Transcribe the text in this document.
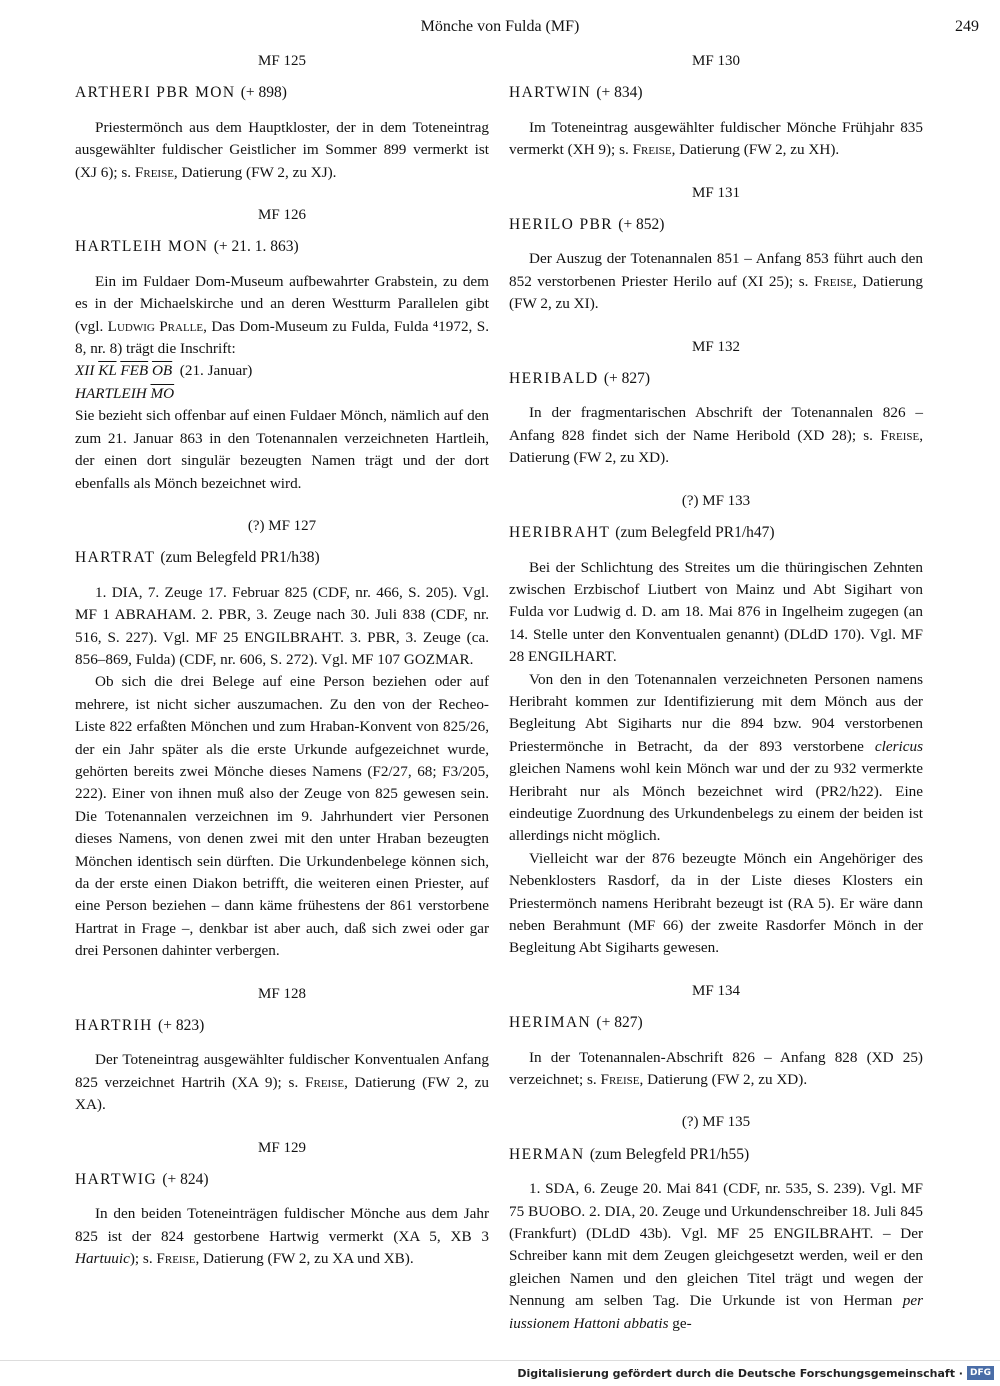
Mönche von Fulda (MF)	249
MF 125
ARTHERI PBR MON (+ 898)

Priestermönch aus dem Hauptkloster, der in dem Toteneintrag ausgewählter fuldischer Geistlicher im Sommer 899 vermerkt ist (XJ 6); s. Freise, Datierung (FW 2, zu XJ).

MF 126
HARTLEIH MON (+ 21. 1. 863)

Ein im Fuldaer Dom-Museum aufbewahrter Grabstein, zu dem es in der Michaelskirche und an deren Westturm Parallelen gibt (vgl. Ludwig Pralle, Das Dom-Museum zu Fulda, Fulda ⁴1972, S. 8, nr. 8) trägt die Inschrift:

XII $\overline{KL}$ $\overline{FEB}$ $\overline{OB}$  (21. Januar)
HARTLEIH $\overline{MO}$

Sie bezieht sich offenbar auf einen Fuldaer Mönch, nämlich auf den zum 21. Januar 863 in den Totenannalen verzeichneten Hartleih, der einen dort singulär bezeugten Namen trägt und der dort ebenfalls als Mönch bezeichnet wird.

(?) MF 127
HARTRAT (zum Belegfeld PR1/h38)

1. DIA, 7. Zeuge 17. Februar 825 (CDF, nr. 466, S. 205). Vgl. MF 1 ABRAHAM. 2. PBR, 3. Zeuge nach 30. Juli 838 (CDF, nr. 516, S. 227). Vgl. MF 25 ENGILBRAHT. 3. PBR, 3. Zeuge (ca. 856–869, Fulda) (CDF, nr. 606, S. 272). Vgl. MF 107 GOZMAR.

Ob sich die drei Belege auf eine Person beziehen oder auf mehrere, ist nicht sicher auszumachen. Zu den von der Recheo-Liste 822 erfaßten Mönchen und zum Hraban-Konvent von 825/26, der ein Jahr später als die erste Urkunde aufgezeichnet wurde, gehörten bereits zwei Mönche dieses Namens (F2/27, 68; F3/205, 222). Einer von ihnen muß also der Zeuge von 825 gewesen sein. Die Totenannalen verzeichnen im 9. Jahrhundert vier Personen dieses Namens, von denen zwei mit den unter Hraban bezeugten Mönchen identisch sein dürften. Die Urkundenbelege können sich, da der erste einen Diakon betrifft, die weiteren einen Priester, auf eine Person beziehen – dann käme frühestens der 861 verstorbene Hartrat in Frage –, denkbar ist aber auch, daß sich zwei oder gar drei Personen dahinter verbergen.

MF 128
HARTRIH (+ 823)

Der Toteneintrag ausgewählter fuldischer Konventualen Anfang 825 verzeichnet Hartrih (XA 9); s. Freise, Datierung (FW 2, zu XA).

MF 129
HARTWIG (+ 824)

In den beiden Toteneinträgen fuldischer Mönche aus dem Jahr 825 ist der 824 gestorbene Hartwig vermerkt (XA 5, XB 3 Hartuuic); s. Freise, Datierung (FW 2, zu XA und XB).

MF 130
HARTWIN (+ 834)

Im Toteneintrag ausgewählter fuldischer Mönche Frühjahr 835 vermerkt (XH 9); s. Freise, Datierung (FW 2, zu XH).

MF 131
HERILO PBR (+ 852)

Der Auszug der Totenannalen 851 – Anfang 853 führt auch den 852 verstorbenen Priester Herilo auf (XI 25); s. Freise, Datierung (FW 2, zu XI).

MF 132
HERIBALD (+ 827)

In der fragmentarischen Abschrift der Totenannalen 826 – Anfang 828 findet sich der Name Heribold (XD 28); s. Freise, Datierung (FW 2, zu XD).

(?) MF 133
HERIBRAHT (zum Belegfeld PR1/h47)

Bei der Schlichtung des Streites um die thüringischen Zehnten zwischen Erzbischof Liutbert von Mainz und Abt Sigihart von Fulda vor Ludwig d. D. am 18. Mai 876 in Ingelheim zugegen (an 14. Stelle unter den Konventualen genannt) (DLdD 170). Vgl. MF 28 ENGILHART.

Von den in den Totenannalen verzeichneten Personen namens Heribraht kommen zur Identifizierung mit dem Mönch aus der Begleitung Abt Sigiharts nur die 894 bzw. 904 verstorbenen Priestermönche in Betracht, da der 893 verstorbene clericus gleichen Namens wohl kein Mönch war und der zu 932 vermerkte Heribraht nur als Mönch bezeichnet wird (PR2/h22). Eine eindeutige Zuordnung des Urkundenbelegs zu einem der beiden ist allerdings nicht möglich.

Vielleicht war der 876 bezeugte Mönch ein Angehöriger des Nebenklosters Rasdorf, da in der Liste dieses Klosters ein Priestermönch namens Heribraht bezeugt ist (RA 5). Er wäre dann neben Berahmunt (MF 66) der zweite Rasdorfer Mönch in der Begleitung Abt Sigiharts gewesen.

MF 134
HERIMAN (+ 827)

In der Totenannalen-Abschrift 826 – Anfang 828 (XD 25) verzeichnet; s. Freise, Datierung (FW 2, zu XD).

(?) MF 135
HERMAN (zum Belegfeld PR1/h55)

1. SDA, 6. Zeuge 20. Mai 841 (CDF, nr. 535, S. 239). Vgl. MF 75 BUOBO. 2. DIA, 20. Zeuge und Urkundenschreiber 18. Juli 845 (Frankfurt) (DLdD 43b). Vgl. MF 25 ENGILBRAHT. – Der Schreiber kann mit dem Zeugen gleichgesetzt werden, weil er den gleichen Namen und den gleichen Titel trägt und wegen der Nennung am selben Tag. Die Urkunde ist von Herman per iussionem Hattoni abbatis ge-

Digitalisierung gefördert durch die Deutsche Forschungsgemeinschaft · DFG
